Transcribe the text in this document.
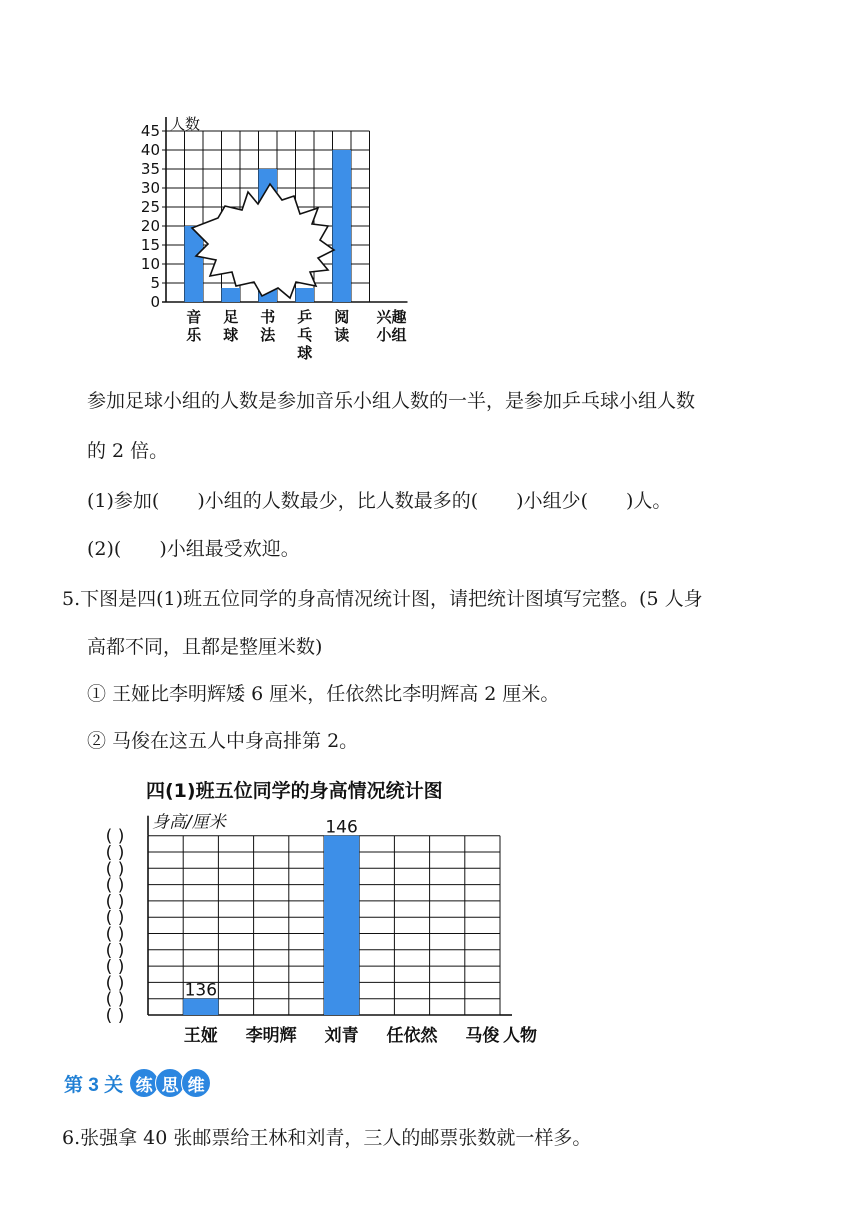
人数
0
5
10
15
20
25
30
35
40
45
音
乐
足
球
书
法
乒
乓
球
阅
读
兴趣
小组
参加足球小组的人数是参加音乐小组人数的一半，是参加乒乓球小组人数
的 2 倍。
(1)参加(　　)小组的人数最少，比人数最多的(　　)小组少(　　)人。
(2)(　　)小组最受欢迎。
5.下图是四(1)班五位同学的身高情况统计图，请把统计图填写完整。(5 人身
高都不同，且都是整厘米数)
① 王娅比李明辉矮 6 厘米，任依然比李明辉高 2 厘米。
② 马俊在这五人中身高排第 2。
四(1)班五位同学的身高情况统计图
身高/厘米
( )
( )
( )
( )
( )
( )
( )
( )
( )
( )
( )
( )
136
146
王娅 李明辉 刘青 任依然 马俊 人物
第 3 关 练 思 维
6.张强拿 40 张邮票给王林和刘青，三人的邮票张数就一样多。
